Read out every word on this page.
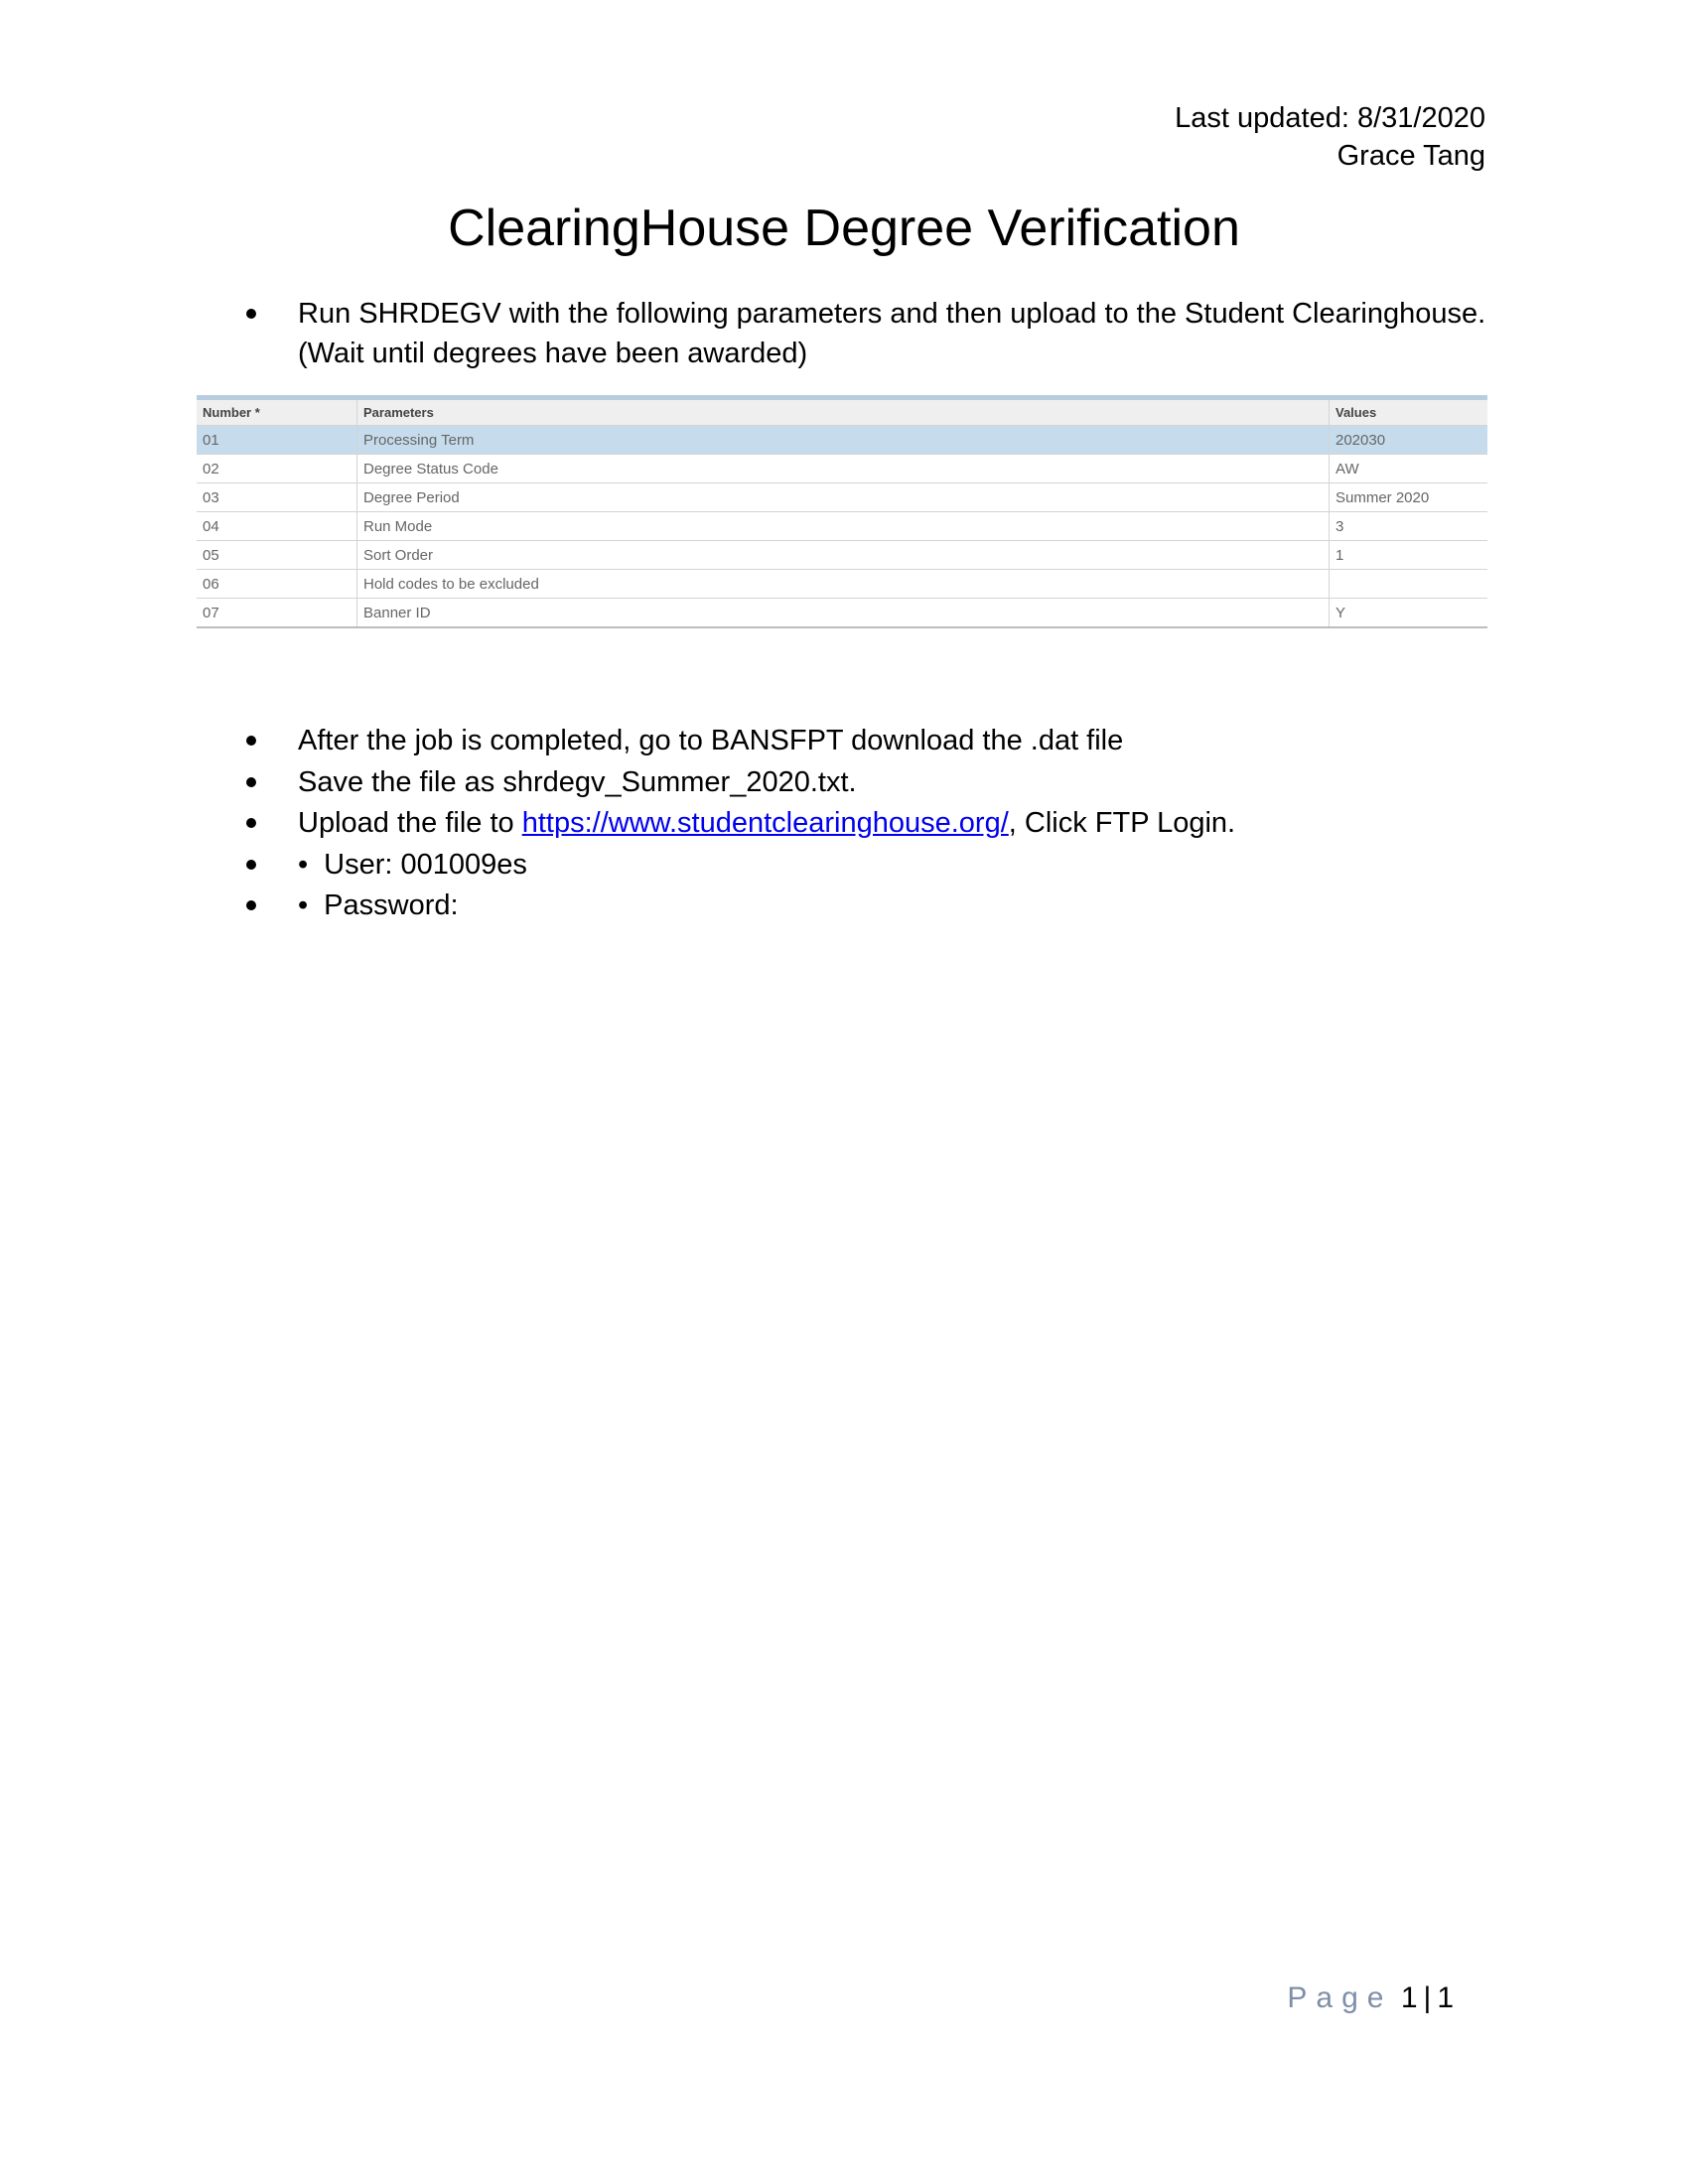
Last updated: 8/31/2020
Grace Tang
ClearingHouse Degree Verification
Run SHRDEGV with the following parameters and then upload to the Student Clearinghouse.
(Wait until degrees have been awarded)
Number *	Parameters	Values
01	Processing Term	202030
02	Degree Status Code	AW
03	Degree Period	Summer 2020
04	Run Mode	3
05	Sort Order	1
06	Hold codes to be excluded	
07	Banner ID	Y
After the job is completed, go to BANSFPT download the .dat file
Save the file as shrdegv_Summer_2020.txt.
Upload the file to https://www.studentclearinghouse.org/, Click FTP Login.
• User: 001009es
• Password:
Page 1 | 1
